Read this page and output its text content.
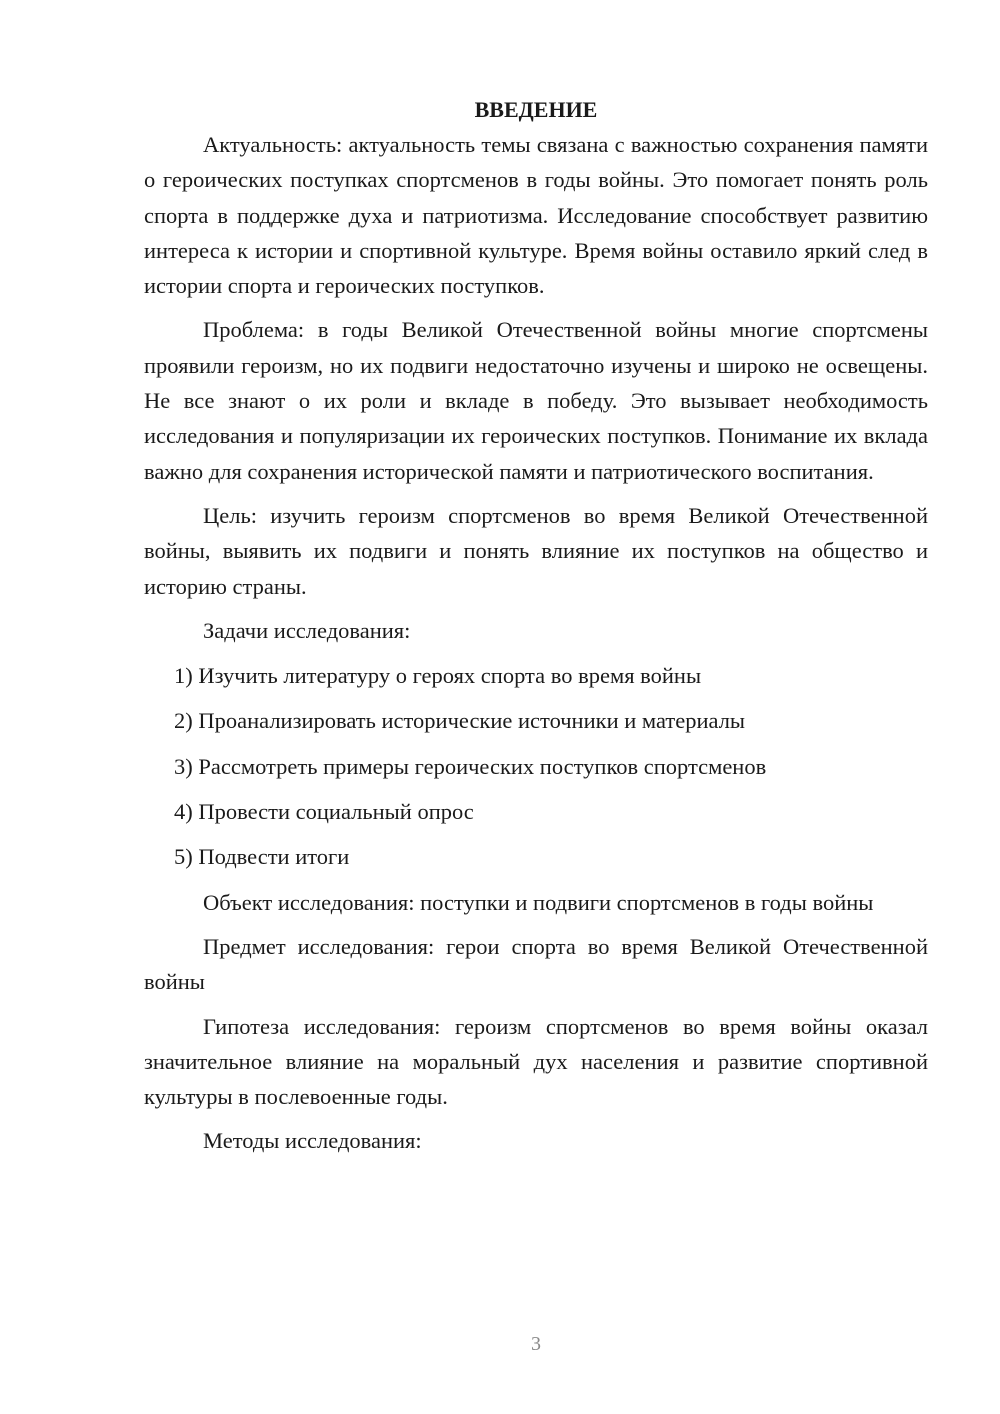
ВВЕДЕНИЕ

Актуальность: актуальность темы связана с важностью сохранения памяти о героических поступках спортсменов в годы войны. Это помогает понять роль спорта в поддержке духа и патриотизма. Исследование способствует развитию интереса к истории и спортивной культуре. Время войны оставило яркий след в истории спорта и героических поступков.

Проблема: в годы Великой Отечественной войны многие спортсмены проявили героизм, но их подвиги недостаточно изучены и широко не освещены. Не все знают о их роли и вкладе в победу. Это вызывает необходимость исследования и популяризации их героических поступков. Понимание их вклада важно для сохранения исторической памяти и патриотического воспитания.

Цель: изучить героизм спортсменов во время Великой Отечественной войны, выявить их подвиги и понять влияние их поступков на общество и историю страны.

Задачи исследования:

1) Изучить литературу о героях спорта во время войны
2) Проанализировать исторические источники и материалы
3) Рассмотреть примеры героических поступков спортсменов
4) Провести социальный опрос
5) Подвести итоги

Объект исследования: поступки и подвиги спортсменов в годы войны

Предмет исследования: герои спорта во время Великой Отечественной войны

Гипотеза исследования: героизм спортсменов во время войны оказал значительное влияние на моральный дух населения и развитие спортивной культуры в послевоенные годы.

Методы исследования:

3
